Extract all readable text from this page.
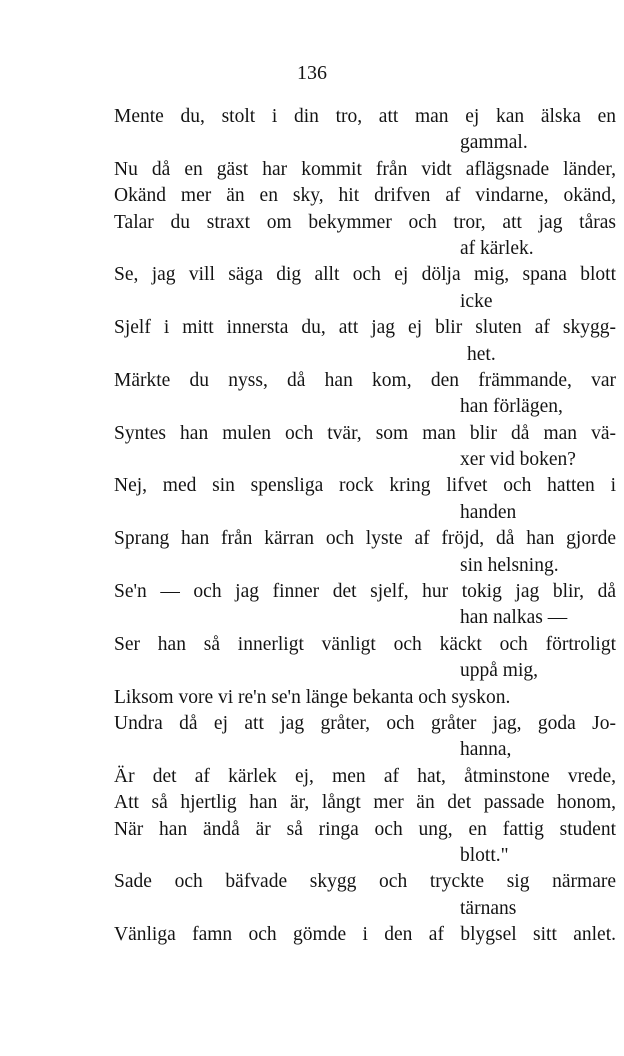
136
Mente du, stolt i din tro, att man ej kan älska en
gammal.
Nu då en gäst har kommit från vidt aflägsnade länder,
Okänd mer än en sky, hit drifven af vindarne, okänd,
Talar du straxt om bekymmer och tror, att jag tåras
af kärlek.
Se, jag vill säga dig allt och ej dölja mig, spana blott
icke
Sjelf i mitt innersta du, att jag ej blir sluten af skygg-
het.
Märkte du nyss, då han kom, den främmande, var
han förlägen,
Syntes han mulen och tvär, som man blir då man vä-
xer vid boken?
Nej, med sin spensliga rock kring lifvet och hatten i
handen
Sprang han från kärran och lyste af fröjd, då han gjorde
sin helsning.
Se'n — och jag finner det sjelf, hur tokig jag blir, då
han nalkas —
Ser han så innerligt vänligt och käckt och förtroligt
uppå mig,
Liksom vore vi re'n se'n länge bekanta och syskon.
Undra då ej att jag gråter, och gråter jag, goda Jo-
hanna,
Är det af kärlek ej, men af hat, åtminstone vrede,
Att så hjertlig han är, långt mer än det passade honom,
När han ändå är så ringa och ung, en fattig student
blott."
Sade och bäfvade skygg och tryckte sig närmare
tärnans
Vänliga famn och gömde i den af blygsel sitt anlet.
